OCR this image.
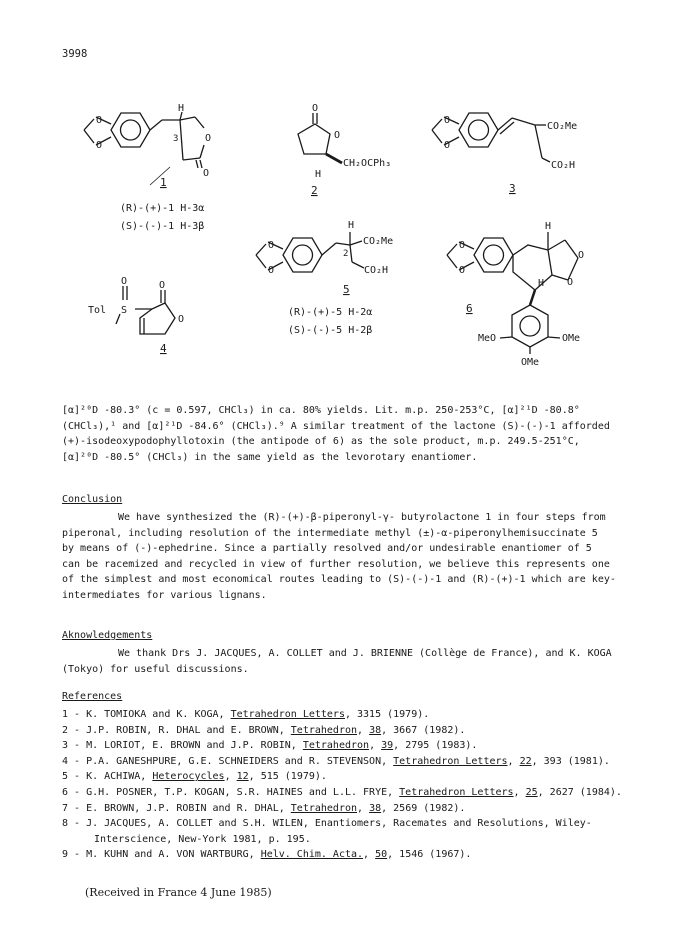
3998
H
O
O
3	O
O
1
(R)-(+)-1 H-3α
(S)-(-)-1 H-3β
O
O
CH₂OCPh₃
H
2
O
O
CO₂Me
CO₂H
3
O	O
O
Tol S
4
H
O
O
2
CO₂Me
CO₂H
5
(R)-(+)-5 H-2α
(S)-(-)-5 H-2β
H
O
O
O
O
H
6
MeO	OMe
OMe
[α]²⁰D -80.3° (c = 0.597, CHCl₃) in ca. 80% yields. Lit. m.p. 250-253°C, [α]²¹D -80.8°
(CHCl₃),¹ and [α]²¹D -84.6° (CHCl₃).⁹ A similar treatment of the lactone (S)-(-)-1 afforded
(+)-isodeoxypodophyllotoxin (the antipode of 6) as the sole product, m.p. 249.5-251°C,
[α]²⁰D -80.5° (CHCl₃) in the same yield as the levorotary enantiomer.
Conclusion
We have synthesized the (R)-(+)-β-piperonyl-γ- butyrolactone 1 in four steps from
piperonal, including resolution of the intermediate methyl (±)-α-piperonylhemisuccinate 5
by means of (-)-ephedrine. Since a partially resolved and/or undesirable enantiomer of 5
can be racemized and recycled in view of further resolution, we believe this represents one
of the simplest and most economical routes leading to (S)-(-)-1 and (R)-(+)-1 which are key-
intermediates for various lignans.
Aknowledgements
We thank Drs J. JACQUES, A. COLLET and J. BRIENNE (Collège de France), and K. KOGA
(Tokyo) for useful discussions.
References
1 - K. TOMIOKA and K. KOGA, Tetrahedron Letters, 3315 (1979).
2 - J.P. ROBIN, R. DHAL and E. BROWN, Tetrahedron, 38, 3667 (1982).
3 - M. LORIOT, E. BROWN and J.P. ROBIN, Tetrahedron, 39, 2795 (1983).
4 - P.A. GANESHPURE, G.E. SCHNEIDERS and R. STEVENSON, Tetrahedron Letters, 22, 393 (1981).
5 - K. ACHIWA, Heterocycles, 12, 515 (1979).
6 - G.H. POSNER, T.P. KOGAN, S.R. HAINES and L.L. FRYE, Tetrahedron Letters, 25, 2627 (1984).
7 - E. BROWN, J.P. ROBIN and R. DHAL, Tetrahedron, 38, 2569 (1982).
8 - J. JACQUES, A. COLLET and S.H. WILEN, Enantiomers, Racemates and Resolutions, Wiley-
Interscience, New-York 1981, p. 195.
9 - M. KUHN and A. VON WARTBURG, Helv. Chim. Acta., 50, 1546 (1967).
(Received in France 4 June 1985)
